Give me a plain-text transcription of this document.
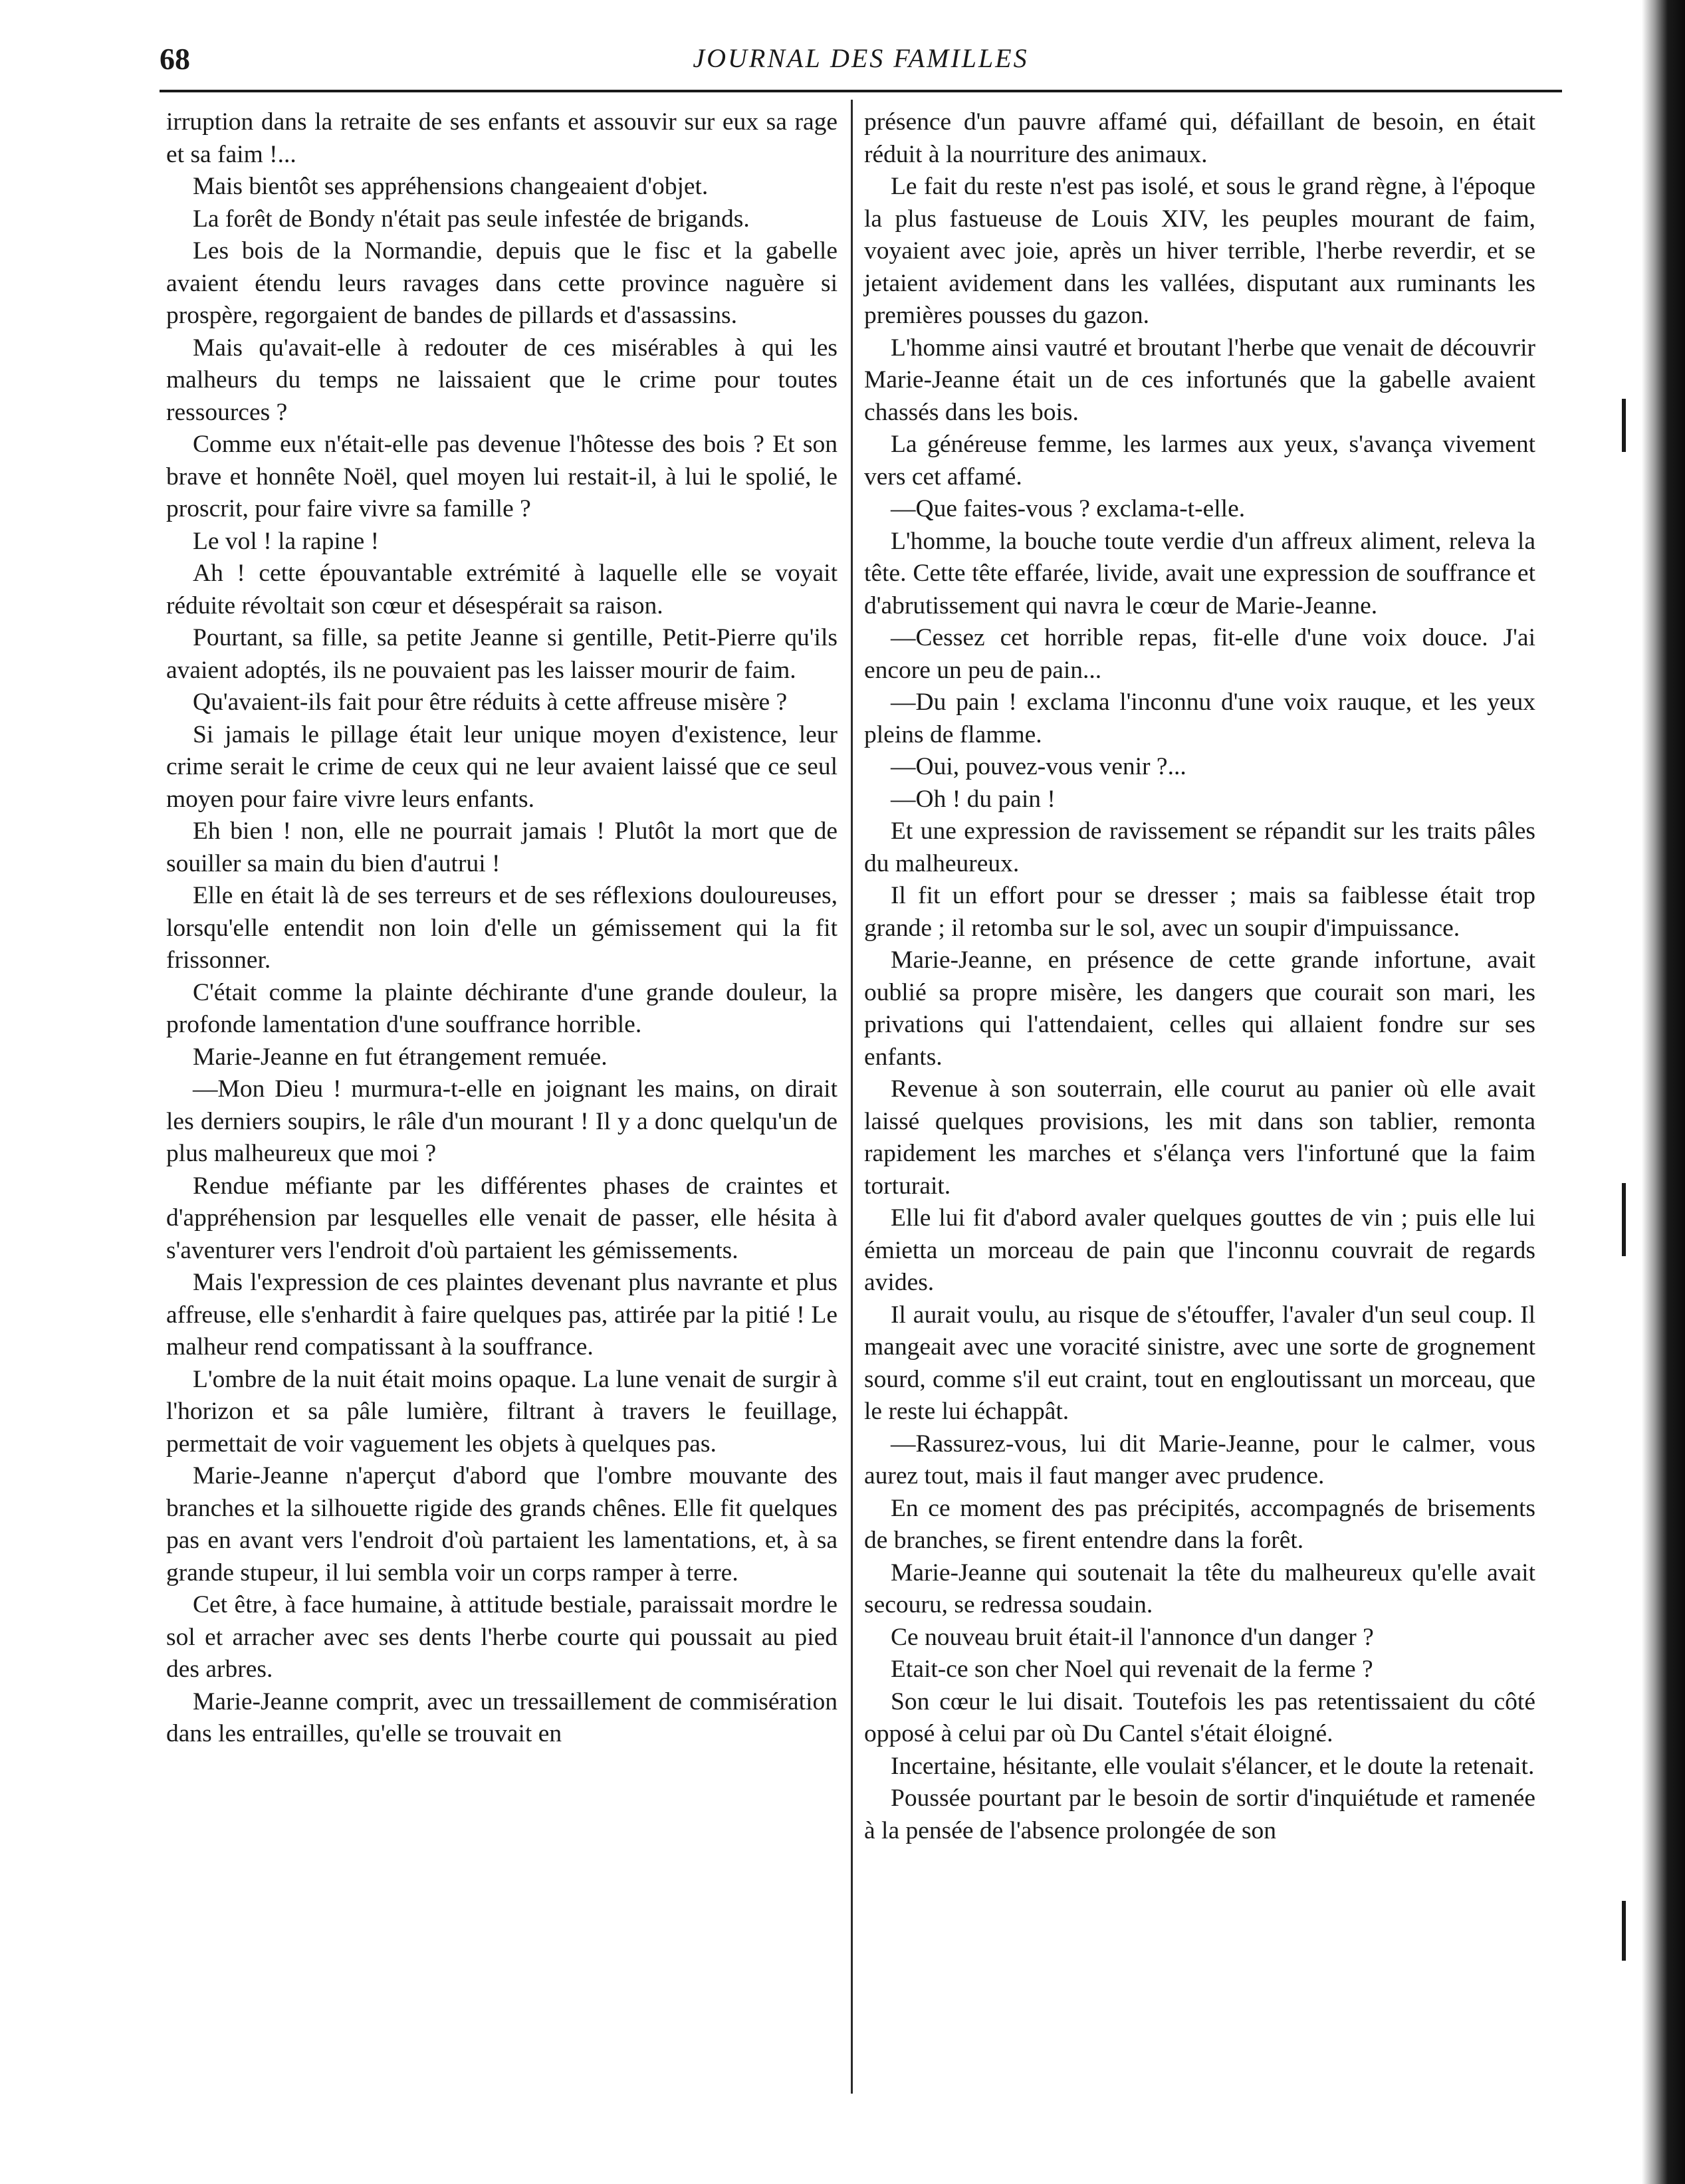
68	JOURNAL DES FAMILLES

irruption dans la retraite de ses enfants et assouvir sur eux sa rage et sa faim !...

Mais bientôt ses appréhensions changeaient d'objet.

La forêt de Bondy n'était pas seule infestée de brigands.

Les bois de la Normandie, depuis que le fisc et la gabelle avaient étendu leurs ravages dans cette province naguère si prospère, regorgaient de bandes de pillards et d'assassins.

Mais qu'avait-elle à redouter de ces misérables à qui les malheurs du temps ne laissaient que le crime pour toutes ressources ?

Comme eux n'était-elle pas devenue l'hôtesse des bois ? Et son brave et honnête Noël, quel moyen lui restait-il, à lui le spolié, le proscrit, pour faire vivre sa famille ?

Le vol ! la rapine !

Ah ! cette épouvantable extrémité à laquelle elle se voyait réduite révoltait son cœur et désespérait sa raison.

Pourtant, sa fille, sa petite Jeanne si gentille, Petit-Pierre qu'ils avaient adoptés, ils ne pouvaient pas les laisser mourir de faim.

Qu'avaient-ils fait pour être réduits à cette affreuse misère ?

Si jamais le pillage était leur unique moyen d'existence, leur crime serait le crime de ceux qui ne leur avaient laissé que ce seul moyen pour faire vivre leurs enfants.

Eh bien ! non, elle ne pourrait jamais ! Plutôt la mort que de souiller sa main du bien d'autrui !

Elle en était là de ses terreurs et de ses réflexions douloureuses, lorsqu'elle entendit non loin d'elle un gémissement qui la fit frissonner.

C'était comme la plainte déchirante d'une grande douleur, la profonde lamentation d'une souffrance horrible.

Marie-Jeanne en fut étrangement remuée.

—Mon Dieu ! murmura-t-elle en joignant les mains, on dirait les derniers soupirs, le râle d'un mourant ! Il y a donc quelqu'un de plus malheureux que moi ?

Rendue méfiante par les différentes phases de craintes et d'appréhension par lesquelles elle venait de passer, elle hésita à s'aventurer vers l'endroit d'où partaient les gémissements.

Mais l'expression de ces plaintes devenant plus navrante et plus affreuse, elle s'enhardit à faire quelques pas, attirée par la pitié ! Le malheur rend compatissant à la souffrance.

L'ombre de la nuit était moins opaque. La lune venait de surgir à l'horizon et sa pâle lumière, filtrant à travers le feuillage, permettait de voir vaguement les objets à quelques pas.

Marie-Jeanne n'aperçut d'abord que l'ombre mouvante des branches et la silhouette rigide des grands chênes. Elle fit quelques pas en avant vers l'endroit d'où partaient les lamentations, et, à sa grande stupeur, il lui sembla voir un corps ramper à terre.

Cet être, à face humaine, à attitude bestiale, paraissait mordre le sol et arracher avec ses dents l'herbe courte qui poussait au pied des arbres.

Marie-Jeanne comprit, avec un tressaillement de commisération dans les entrailles, qu'elle se trouvait en

présence d'un pauvre affamé qui, défaillant de besoin, en était réduit à la nourriture des animaux.

Le fait du reste n'est pas isolé, et sous le grand règne, à l'époque la plus fastueuse de Louis XIV, les peuples mourant de faim, voyaient avec joie, après un hiver terrible, l'herbe reverdir, et se jetaient avidement dans les vallées, disputant aux ruminants les premières pousses du gazon.

L'homme ainsi vautré et broutant l'herbe que venait de découvrir Marie-Jeanne était un de ces infortunés que la gabelle avaient chassés dans les bois.

La généreuse femme, les larmes aux yeux, s'avança vivement vers cet affamé.

—Que faites-vous ? exclama-t-elle.

L'homme, la bouche toute verdie d'un affreux aliment, releva la tête. Cette tête effarée, livide, avait une expression de souffrance et d'abrutissement qui navra le cœur de Marie-Jeanne.

—Cessez cet horrible repas, fit-elle d'une voix douce. J'ai encore un peu de pain...

—Du pain ! exclama l'inconnu d'une voix rauque, et les yeux pleins de flamme.

—Oui, pouvez-vous venir ?...

—Oh ! du pain !

Et une expression de ravissement se répandit sur les traits pâles du malheureux.

Il fit un effort pour se dresser ; mais sa faiblesse était trop grande ; il retomba sur le sol, avec un soupir d'impuissance.

Marie-Jeanne, en présence de cette grande infortune, avait oublié sa propre misère, les dangers que courait son mari, les privations qui l'attendaient, celles qui allaient fondre sur ses enfants.

Revenue à son souterrain, elle courut au panier où elle avait laissé quelques provisions, les mit dans son tablier, remonta rapidement les marches et s'élança vers l'infortuné que la faim torturait.

Elle lui fit d'abord avaler quelques gouttes de vin ; puis elle lui émietta un morceau de pain que l'inconnu couvrait de regards avides.

Il aurait voulu, au risque de s'étouffer, l'avaler d'un seul coup. Il mangeait avec une voracité sinistre, avec une sorte de grognement sourd, comme s'il eut craint, tout en engloutissant un morceau, que le reste lui échappât.

—Rassurez-vous, lui dit Marie-Jeanne, pour le calmer, vous aurez tout, mais il faut manger avec prudence.

En ce moment des pas précipités, accompagnés de brisements de branches, se firent entendre dans la forêt.

Marie-Jeanne qui soutenait la tête du malheureux qu'elle avait secouru, se redressa soudain.

Ce nouveau bruit était-il l'annonce d'un danger ?

Etait-ce son cher Noel qui revenait de la ferme ?

Son cœur le lui disait. Toutefois les pas retentissaient du côté opposé à celui par où Du Cantel s'était éloigné.

Incertaine, hésitante, elle voulait s'élancer, et le doute la retenait.

Poussée pourtant par le besoin de sortir d'inquiétude et ramenée à la pensée de l'absence prolongée de son
